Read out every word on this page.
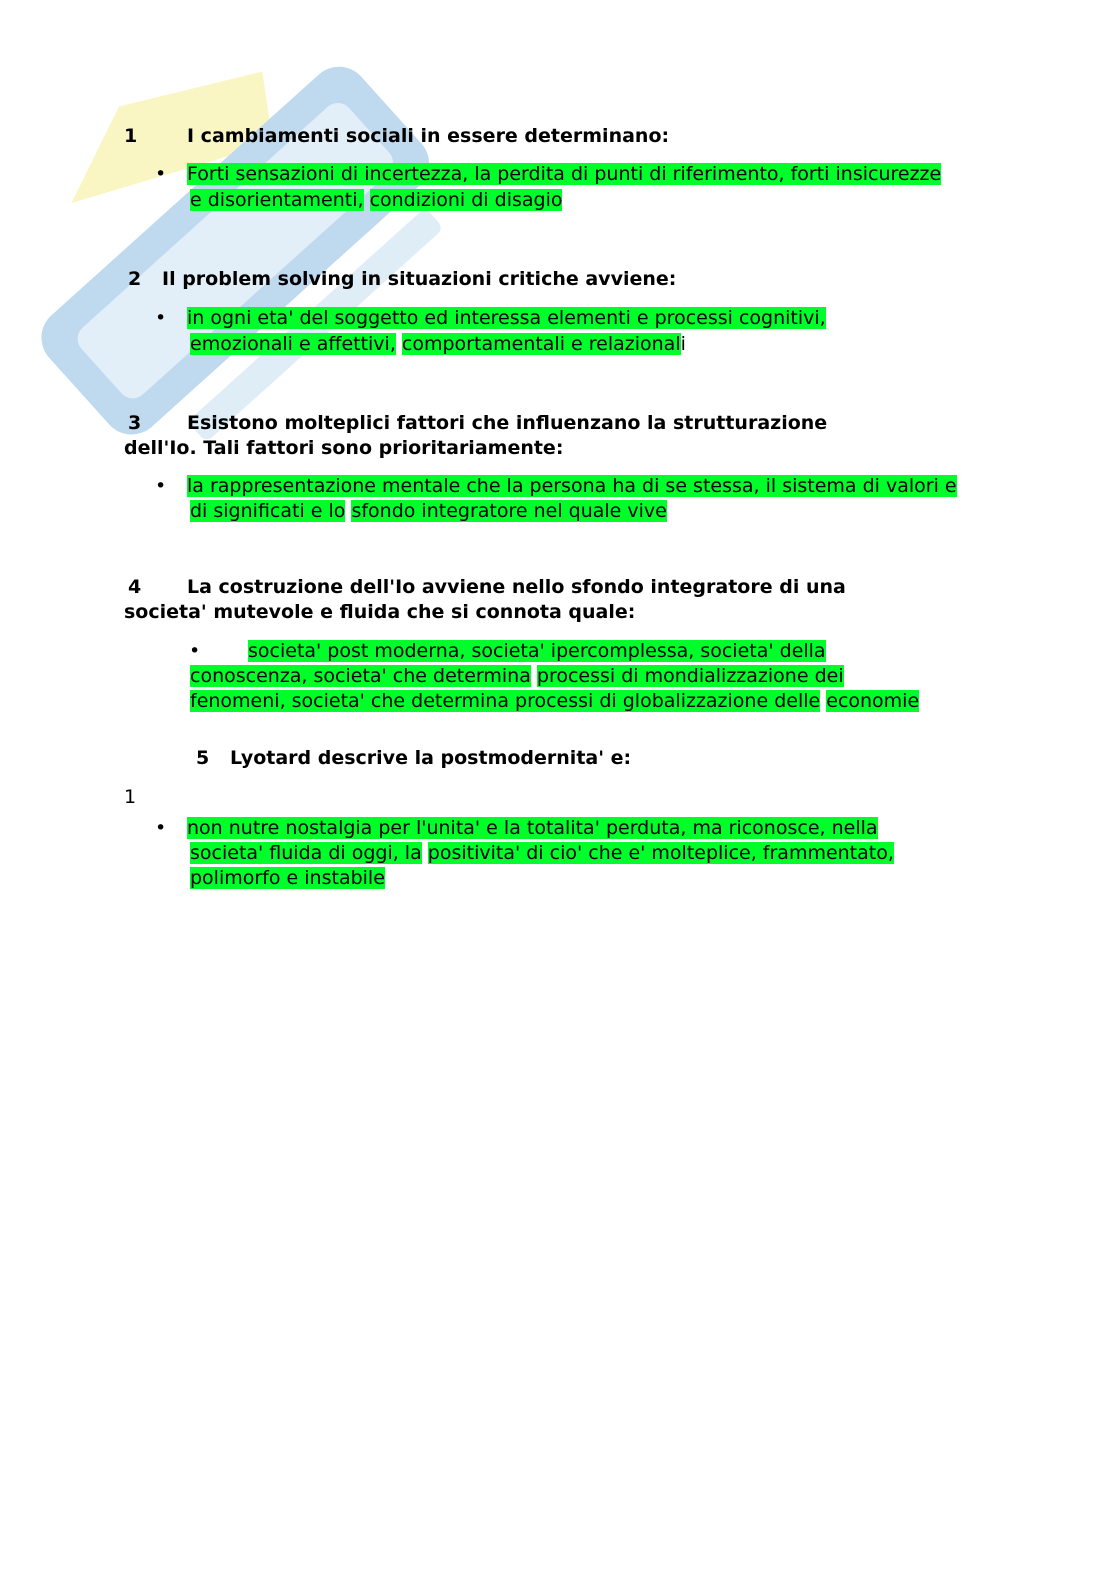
1	I cambiamenti sociali in essere determinano:
• Forti sensazioni di incertezza, la perdita di punti di riferimento, forti insicurezze
e disorientamenti, condizioni di disagio
2 Il problem solving in situazioni critiche avviene:
• in ogni eta' del soggetto ed interessa elementi e processi cognitivi,
emozionali e affettivi, comportamentali e relazionali
3 Esistono molteplici fattori che influenzano la strutturazione
dell'Io. Tali fattori sono prioritariamente:
• la rappresentazione mentale che la persona ha di se stessa, il sistema di valori e
di significati e lo sfondo integratore nel quale vive
4 La costruzione dell'Io avviene nello sfondo integratore di una
societa' mutevole e fluida che si connota quale:
•	societa' post moderna, societa' ipercomplessa, societa' della
conoscenza, societa' che determina processi di mondializzazione dei
fenomeni, societa' che determina processi di globalizzazione delle economie
5 Lyotard descrive la postmodernita' e:
1
• non nutre nostalgia per l'unita' e la totalita' perduta, ma riconosce, nella
societa' fluida di oggi, la positivita' di cio' che e' molteplice, frammentato,
polimorfo e instabile
